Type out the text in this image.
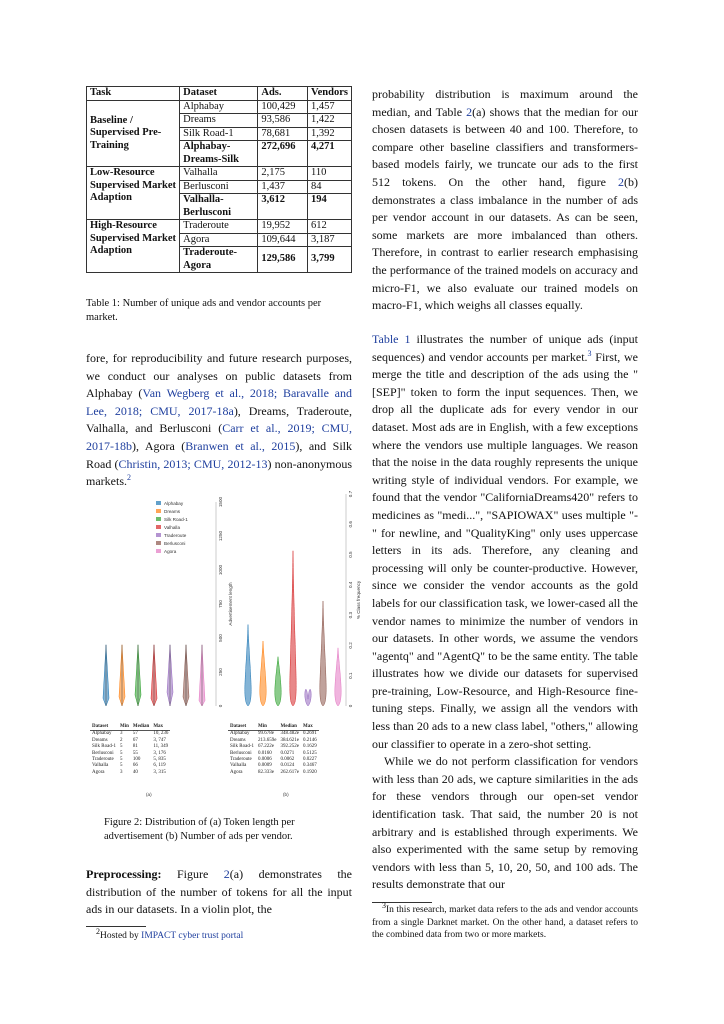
Task	Dataset	Ads.	Vendors
Baseline / Supervised Pre-Training	Alphabay	100,429	1,457
	Dreams	93,586	1,422
	Silk Road-1	78,681	1,392
	Alphabay-Dreams-Silk	272,696	4,271
Low-Resource Supervised Market Adaption	Valhalla	2,175	110
	Berlusconi	1,437	84
	Valhalla-Berlusconi	3,612	194
High-Resource Supervised Market Adaption	Traderoute	19,952	612
	Agora	109,644	3,187
	Traderoute-Agora	129,586	3,799
Table 1: Number of unique ads and vendor accounts per market.

fore, for reproducibility and future research purposes, we conduct our analyses on public datasets from Alphabay (Van Wegberg et al., 2018; Baravalle and Lee, 2018; CMU, 2017-18a), Dreams, Traderoute, Valhalla, and Berlusconi (Carr et al., 2019; CMU, 2017-18b), Agora (Branwen et al., 2015), and Silk Road (Christin, 2013; CMU, 2012-13) non-anonymous markets.$^2$

0
250
500
750
1000
1250
1500
Advertisement length
0
0.1
0.2
0.3
0.4
0.5
0.6
0.7
% Class frequency
Alphabay
Dreams
Silk Road-1
Valhalla
Traderoute
Berlusconi
Agora
Dataset	Min	Median	Max
Alphabay	3	57	10, 236
Dreams	2	67	3, 747
Silk Road-1	5	81	11, 349
Berlusconi	5	55	3, 176
Traderoute	5	100	5, 835
Valhalla	5	66	6, 119
Agora	3	40	3, 315
Dataset	Min	Median	Max
Alphabay	99.678e	348.482e	0.2691
Dreams	213.659e	384.621e	0.2146
Silk Road-1	67.222e	392.252e	0.1629
Berlusconi	0.0160	0.0271	0.5125
Traderoute	0.0006	0.0062	0.0227
Valhalla	0.0009	0.0124	0.3467
Agora	82.333e	262.617e	0.1920
(a)	(b)
Figure 2: Distribution of (a) Token length per advertisement (b) Number of ads per vendor.

Preprocessing: Figure 2(a) demonstrates the distribution of the number of tokens for all the input ads in our datasets. In a violin plot, the

$^2$Hosted by IMPACT cyber trust portal

probability distribution is maximum around the median, and Table 2(a) shows that the median for our chosen datasets is between 40 and 100. Therefore, to compare other baseline classifiers and transformers-based models fairly, we truncate our ads to the first 512 tokens. On the other hand, figure 2(b) demonstrates a class imbalance in the number of ads per vendor account in our datasets. As can be seen, some markets are more imbalanced than others. Therefore, in contrast to earlier research emphasising the performance of the trained models on accuracy and micro-F1, we also evaluate our trained models on macro-F1, which weighs all classes equally.

Table 1 illustrates the number of unique ads (input sequences) and vendor accounts per market.$^3$ First, we merge the title and description of the ads using the "[SEP]" token to form the input sequences. Then, we drop all the duplicate ads for every vendor in our dataset. Most ads are in English, with a few exceptions where the vendors use multiple languages. We reason that the noise in the data roughly represents the unique writing style of individual vendors. For example, we found that the vendor "CaliforniaDreams420" refers to medicines as "medi...", "SAPIOWAX" uses multiple "-" for newline, and "QualityKing" only uses uppercase letters in its ads. Therefore, any cleaning and processing will only be counter-productive. However, since we consider the vendor accounts as the gold labels for our classification task, we lower-cased all the vendor names to minimize the number of vendors in our datasets. In other words, we assume the vendors "agentq" and "AgentQ" to be the same entity. The table illustrates how we divide our datasets for supervised pre-training, Low-Resource, and High-Resource fine-tuning steps. Finally, we assign all the vendors with less than 20 ads to a new class label, "others," allowing our classifier to operate in a zero-shot setting.

While we do not perform classification for vendors with less than 20 ads, we capture similarities in the ads for these vendors through our open-set vendor identification task. That said, the number 20 is not arbitrary and is established through experiments. We also experimented with the same setup by removing vendors with less than 5, 10, 20, 50, and 100 ads. The results demonstrate that our

$^3$In this research, market data refers to the ads and vendor accounts from a single Darknet market. On the other hand, a dataset refers to the combined data from two or more markets.
